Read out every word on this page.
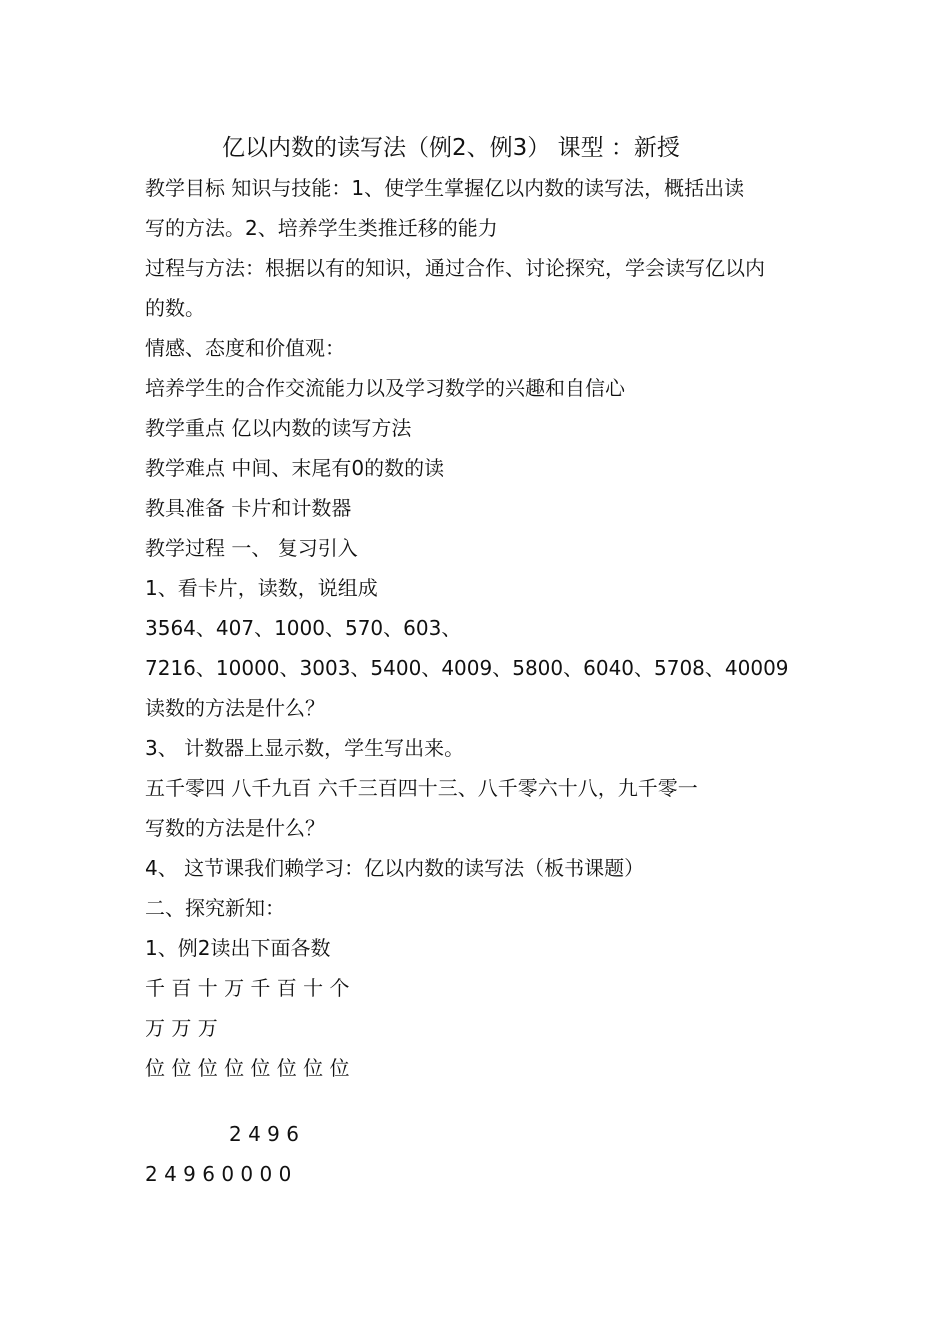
亿以内数的读写法（例2、例3） 课型 ：新授
教学目标 知识与技能：1、使学生掌握亿以内数的读写法，概括出读
写的方法。2、培养学生类推迁移的能力
过程与方法：根据以有的知识，通过合作、讨论探究，学会读写亿以内
的数。
情感、态度和价值观：
培养学生的合作交流能力以及学习数学的兴趣和自信心
教学重点 亿以内数的读写方法
教学难点 中间、末尾有0的数的读
教具准备 卡片和计数器
教学过程 一、 复习引入
1、看卡片，读数，说组成
3564、407、1000、570、603、
7216、10000、3003、5400、4009、5800、6040、5708、40009
读数的方法是什么？
3、 计数器上显示数，学生写出来。
五千零四 八千九百 六千三百四十三、八千零六十八，九千零一
写数的方法是什么？
4、 这节课我们赖学习：亿以内数的读写法（板书课题）
二、探究新知：
1、例2读出下面各数
千 百 十 万 千 百 十 个
万 万 万
位 位 位 位 位 位 位 位
2 4 9 6
2 4 9 6 0 0 0 0
